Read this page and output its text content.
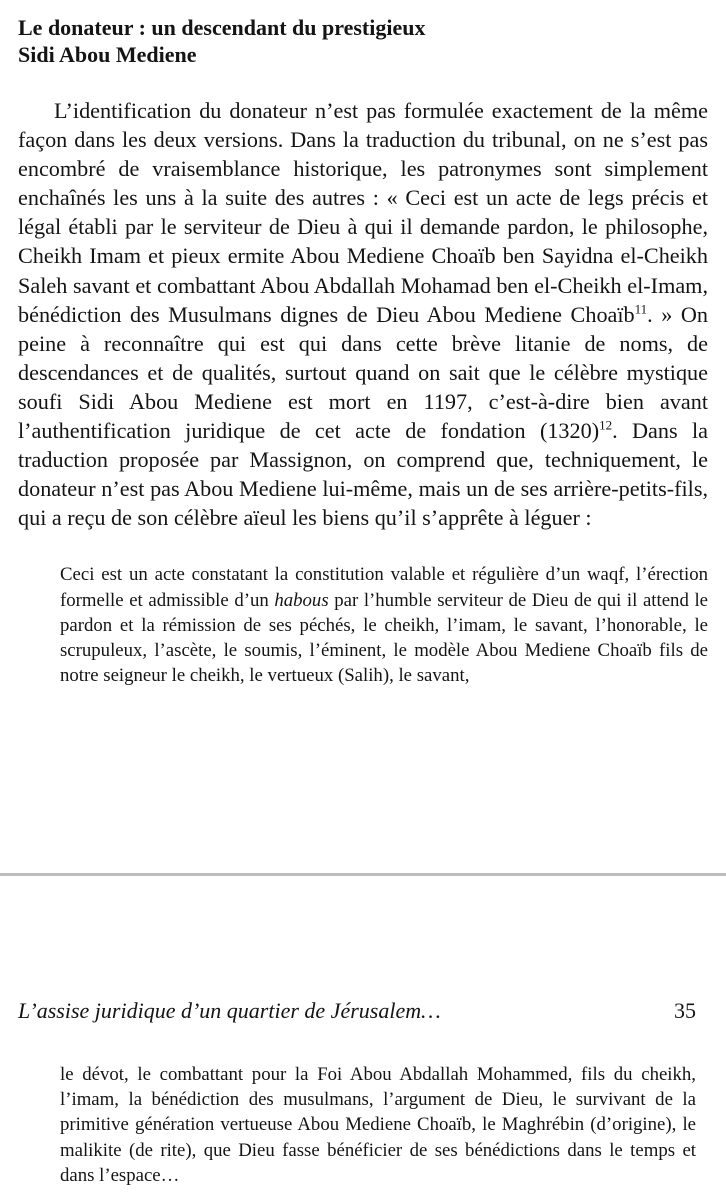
Le donateur : un descendant du prestigieux
Sidi Abou Mediene

L’identification du donateur n’est pas formulée exactement de la même façon dans les deux versions. Dans la traduction du tribunal, on ne s’est pas encombré de vraisemblance historique, les patronymes sont simplement enchaînés les uns à la suite des autres : « Ceci est un acte de legs précis et légal établi par le serviteur de Dieu à qui il demande pardon, le philosophe, Cheikh Imam et pieux ermite Abou Mediene Choaïb ben Sayidna el-Cheikh Saleh savant et combattant Abou Abdallah Mohamad ben el-Cheikh el-Imam, bénédiction des Musulmans dignes de Dieu Abou Mediene Choaïb$^{11}$. » On peine à reconnaître qui est qui dans cette brève litanie de noms, de descendances et de qualités, surtout quand on sait que le célèbre mystique soufi Sidi Abou Mediene est mort en 1197, c’est-à-dire bien avant l’authentification juridique de cet acte de fondation $(1320)^{12}$. Dans la traduction proposée par Massignon, on comprend que, techniquement, le donateur n’est pas Abou Mediene lui-même, mais un de ses arrière-petits-fils, qui a reçu de son célèbre aïeul les biens qu’il s’apprête à léguer :

Ceci est un acte constatant la constitution valable et régulière d’un waqf, l’érection formelle et admissible d’un habous par l’humble serviteur de Dieu de qui il attend le pardon et la rémission de ses péchés, le cheikh, l’imam, le savant, l’honorable, le scrupuleux, l’ascète, le soumis, l’éminent, le modèle Abou Mediene Choaïb fils de notre seigneur le cheikh, le vertueux (Salih), le savant,

L’assise juridique d’un quartier de Jérusalem…	35

le dévot, le combattant pour la Foi Abou Abdallah Mohammed, fils du cheikh, l’imam, la bénédiction des musulmans, l’argument de Dieu, le survivant de la primitive génération vertueuse Abou Mediene Choaïb, le Maghrébin (d’origine), le malikite (de rite), que Dieu fasse bénéficier de ses bénédictions dans le temps et dans l’espace…
